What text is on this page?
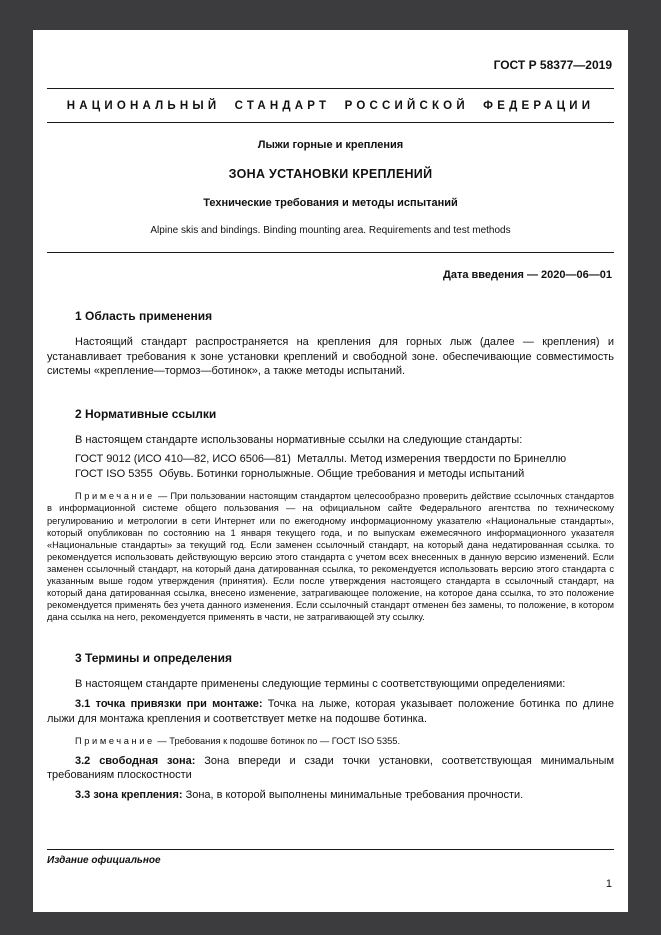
ГОСТ Р 58377—2019
НАЦИОНАЛЬНЫЙ СТАНДАРТ РОССИЙСКОЙ ФЕДЕРАЦИИ
Лыжи горные и крепления
ЗОНА УСТАНОВКИ КРЕПЛЕНИЙ
Технические требования и методы испытаний
Alpine skis and bindings. Binding mounting area. Requirements and test methods
Дата введения — 2020—06—01
1 Область применения

Настоящий стандарт распространяется на крепления для горных лыж (далее — крепления) и устанавливает требования к зоне установки креплений и свободной зоне. обеспечивающие совместимость системы «крепление—тормоз—ботинок», а также методы испытаний.

2 Нормативные ссылки

В настоящем стандарте использованы нормативные ссылки на следующие стандарты:

ГОСТ 9012 (ИСО 410—82, ИСО 6506—81)  Металлы. Метод измерения твердости по Бринеллю

ГОСТ ISO 5355  Обувь. Ботинки горнолыжные. Общие требования и методы испытаний

Примечание — При пользовании настоящим стандартом целесообразно проверить действие ссылочных стандартов в информационной системе общего пользования — на официальном сайте Федерального агентства по техническому регулированию и метрологии в сети Интернет или по ежегодному информационному указателю «Национальные стандарты», который опубликован по состоянию на 1 января текущего года, и по выпускам ежемесячного информационного указателя «Национальные стандарты» за текущий год. Если заменен ссылочный стандарт, на который дана недатированная ссылка. то рекомендуется использовать действующую версию этого стандарта с учетом всех внесенных в данную версию изменений. Если заменен ссылочный стандарт, на который дана датированная ссылка, то рекомендуется использовать версию этого стандарта с указанным выше годом утверждения (принятия). Если после утверждения настоящего стандарта в ссылочный стандарт, на который дана датированная ссылка, внесено изменение, затрагивающее положение, на которое дана ссылка, то это положение рекомендуется применять без учета данного изменения. Если ссылочный стандарт отменен без замены, то положение, в котором дана ссылка на него, рекомендуется применять в части, не затрагивающей эту ссылку.

3 Термины и определения

В настоящем стандарте применены следующие термины с соответствующими определениями:

3.1 точка привязки при монтаже: Точка на лыже, которая указывает положение ботинка по длине лыжи для монтажа крепления и соответствует метке на подошве ботинка.

Примечание — Требования к подошве ботинок по — ГОСТ ISO 5355.

3.2 свободная зона: Зона впереди и сзади точки установки, соответствующая минимальным требованиям плоскостности

3.3 зона крепления: Зона, в которой выполнены минимальные требования прочности.

Издание официальное
1
